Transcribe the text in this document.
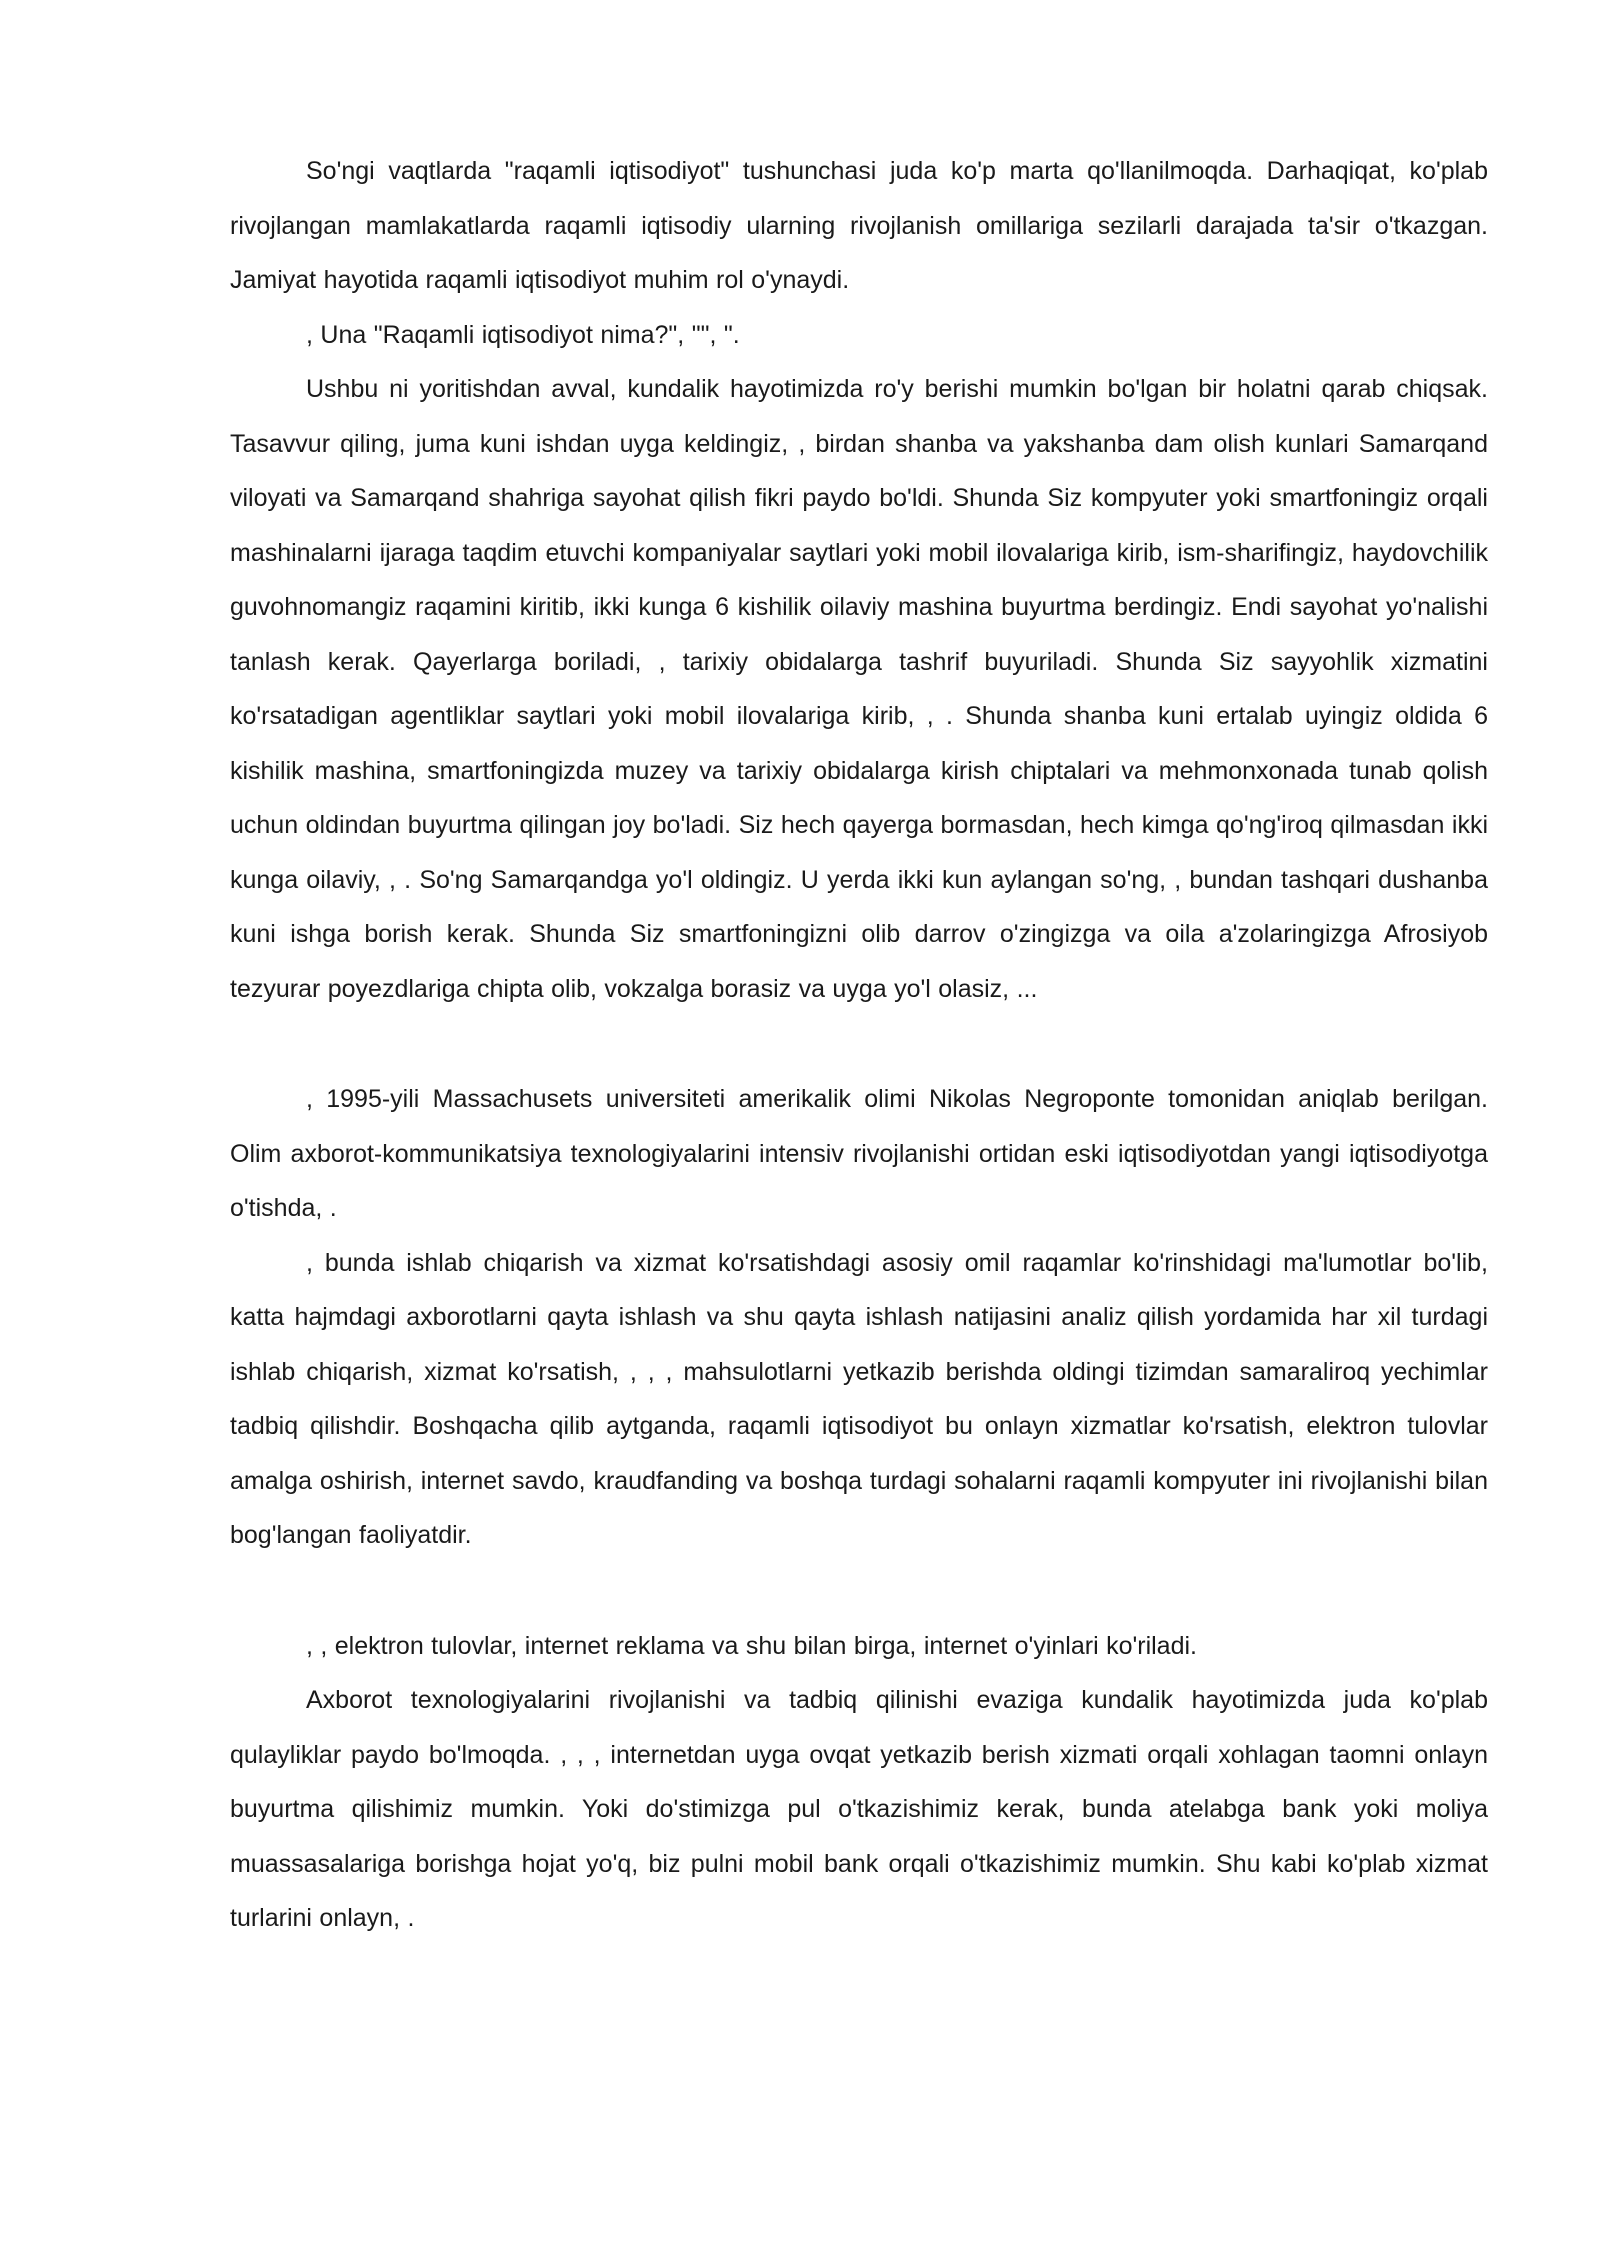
So'ngi vaqtlarda "raqamli iqtisodiyot" tushunchasi juda ko'p marta qo'llanilmoqda. Darhaqiqat, ko'plab rivojlangan mamlakatlarda raqamli iqtisodiy ularning rivojlanish omillariga sezilarli darajada ta'sir o'tkazgan. Jamiyat hayotida raqamli iqtisodiyot muhim rol o'ynaydi.

, Una "Raqamli iqtisodiyot nima?", "", ".

Ushbu ni yoritishdan avval, kundalik hayotimizda ro'y berishi mumkin bo'lgan bir holatni qarab chiqsak. Tasavvur qiling, juma kuni ishdan uyga keldingiz, , birdan shanba va yakshanba dam olish kunlari Samarqand viloyati va Samarqand shahriga sayohat qilish fikri paydo bo'ldi. Shunda Siz kompyuter yoki smartfoningiz orqali mashinalarni ijaraga taqdim etuvchi kompaniyalar saytlari yoki mobil ilovalariga kirib, ism-sharifingiz, haydovchilik guvohnomangiz raqamini kiritib, ikki kunga 6 kishilik oilaviy mashina buyurtma berdingiz. Endi sayohat yo'nalishi tanlash kerak. Qayerlarga boriladi, , tarixiy obidalarga tashrif buyuriladi. Shunda Siz sayyohlik xizmatini ko'rsatadigan agentliklar saytlari yoki mobil ilovalariga kirib, , . Shunda shanba kuni ertalab uyingiz oldida 6 kishilik mashina, smartfoningizda muzey va tarixiy obidalarga kirish chiptalari va mehmonxonada tunab qolish uchun oldindan buyurtma qilingan joy bo'ladi. Siz hech qayerga bormasdan, hech kimga qo'ng'iroq qilmasdan ikki kunga oilaviy, , . So'ng Samarqandga yo'l oldingiz. U yerda ikki kun aylangan so'ng, , bundan tashqari dushanba kuni ishga borish kerak. Shunda Siz smartfoningizni olib darrov o'zingizga va oila a'zolaringizga Afrosiyob tezyurar poyezdlariga chipta olib, vokzalga borasiz va uyga yo'l olasiz, ...

, 1995-yili Massachusets universiteti amerikalik olimi Nikolas Negroponte tomonidan aniqlab berilgan. Olim axborot-kommunikatsiya texnologiyalarini intensiv rivojlanishi ortidan eski iqtisodiyotdan yangi iqtisodiyotga o'tishda, .

, bunda ishlab chiqarish va xizmat ko'rsatishdagi asosiy omil raqamlar ko'rinshidagi ma'lumotlar bo'lib, katta hajmdagi axborotlarni qayta ishlash va shu qayta ishlash natijasini analiz qilish yordamida har xil turdagi ishlab chiqarish, xizmat ko'rsatish, , , , mahsulotlarni yetkazib berishda oldingi tizimdan samaraliroq yechimlar tadbiq qilishdir. Boshqacha qilib aytganda, raqamli iqtisodiyot bu onlayn xizmatlar ko'rsatish, elektron tulovlar amalga oshirish, internet savdo, kraudfanding va boshqa turdagi sohalarni raqamli kompyuter ini rivojlanishi bilan bog'langan faoliyatdir.

, , elektron tulovlar, internet reklama va shu bilan birga, internet o'yinlari ko'riladi.

Axborot texnologiyalarini rivojlanishi va tadbiq qilinishi evaziga kundalik hayotimizda juda ko'plab qulayliklar paydo bo'lmoqda. , , , internetdan uyga ovqat yetkazib berish xizmati orqali xohlagan taomni onlayn buyurtma qilishimiz mumkin. Yoki do'stimizga pul o'tkazishimiz kerak, bunda atelabga bank yoki moliya muassasalariga borishga hojat yo'q, biz pulni mobil bank orqali o'tkazishimiz mumkin. Shu kabi ko'plab xizmat turlarini onlayn, .
